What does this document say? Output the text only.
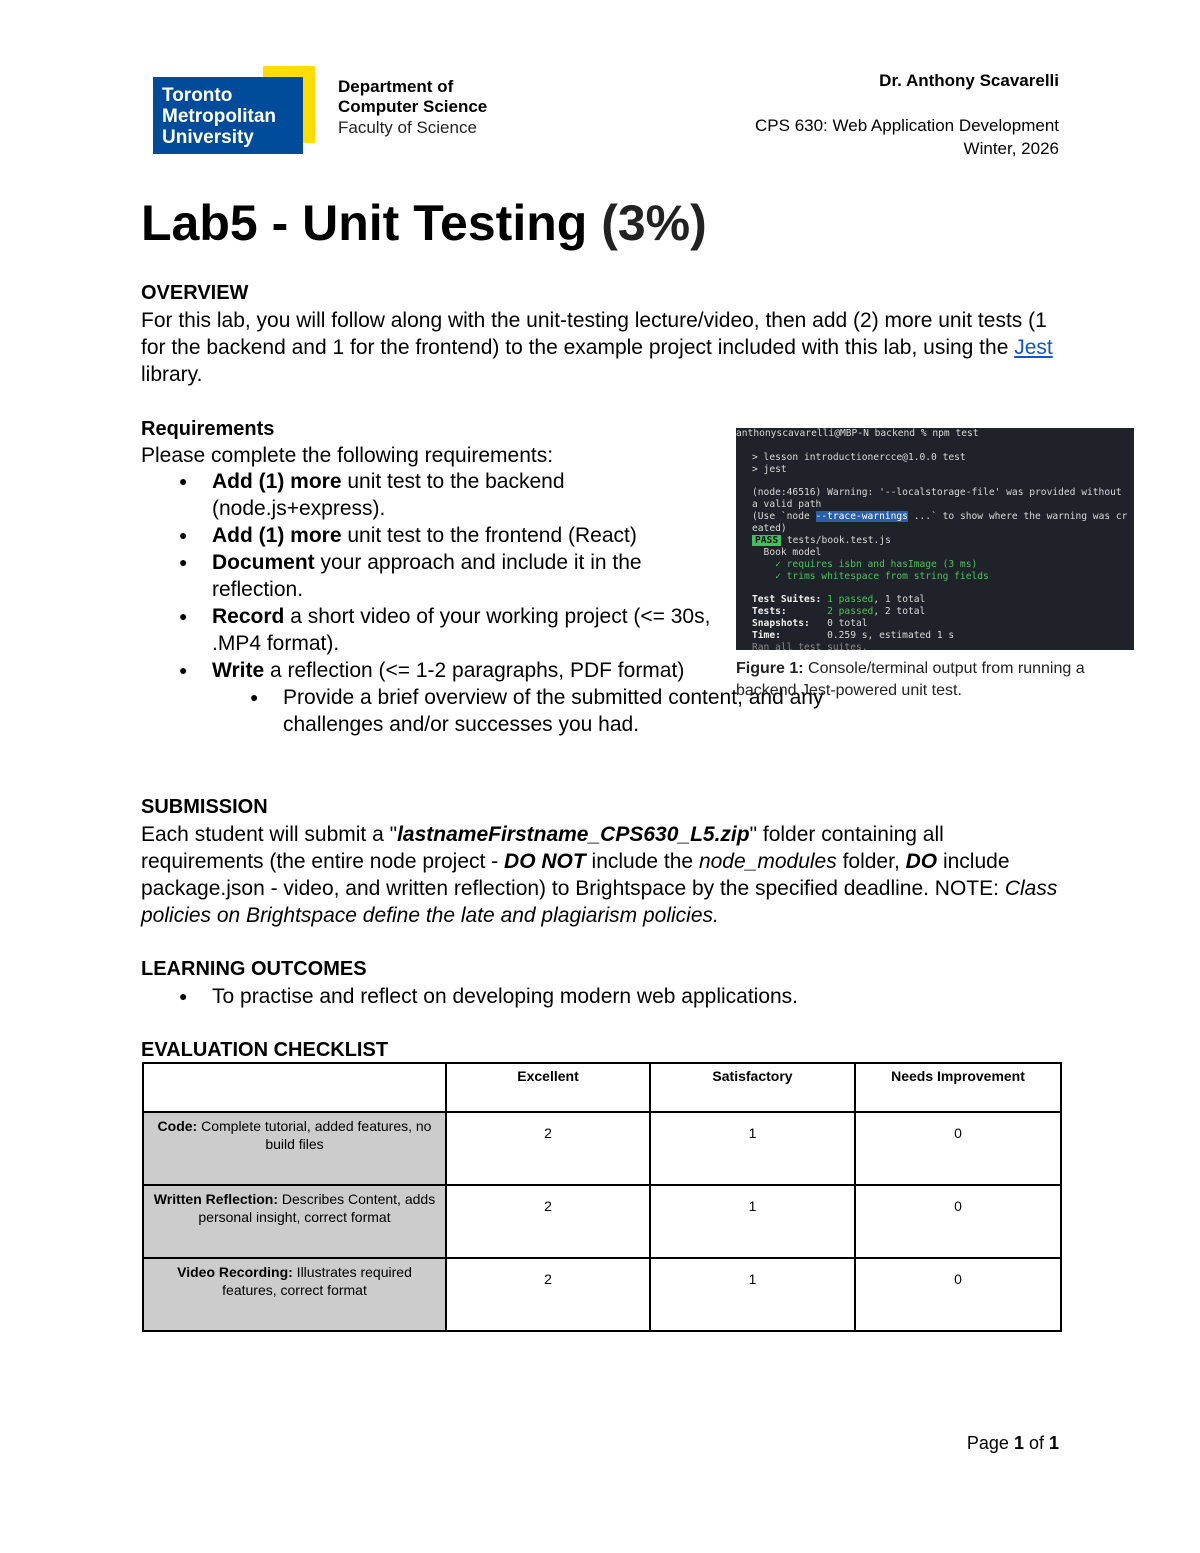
Toronto
Metropolitan
University
Department of
Computer Science
Faculty of Science
Dr. Anthony Scavarelli
CPS 630: Web Application Development
Winter, 2026
Lab5 - Unit Testing (3%)
OVERVIEW
For this lab, you will follow along with the unit-testing lecture/video, then add (2) more unit tests (1 for the backend and 1 for the frontend) to the example project included with this lab, using the Jest library.
Requirements
Please complete the following requirements:
● Add (1) more unit test to the backend (node.js+express).
● Add (1) more unit test to the frontend (React)
● Document your approach and include it in the reflection.
● Record a short video of your working project (<= 30s, .MP4 format).
● Write a reflection (<= 1-2 paragraphs, PDF format)
● Provide a brief overview of the submitted content, and any challenges and/or successes you had.
anthonyscavarelli@MBP-N backend % npm test
> lesson introductionercce@1.0.0 test
> jest
(node:46516) Warning: '--localstorage-file' was provided without
a valid path
(Use `node --trace-warnings ...` to show where the warning was cr
eated)
PASS tests/book.test.js
Book model
✓ requires isbn and hasImage (3 ms)
✓ trims whitespace from string fields
Test Suites: 1 passed, 1 total
Tests:       2 passed, 2 total
Snapshots:   0 total
Time:        0.259 s, estimated 1 s
Ran all test suites.
Figure 1: Console/terminal output from running a backend Jest-powered unit test.
SUBMISSION
Each student will submit a "lastnameFirstname_CPS630_L5.zip" folder containing all requirements (the entire node project - DO NOT include the node_modules folder, DO include package.json - video, and written reflection) to Brightspace by the specified deadline. NOTE: Class policies on Brightspace define the late and plagiarism policies.
LEARNING OUTCOMES
● To practise and reflect on developing modern web applications.
EVALUATION CHECKLIST
	Excellent	Satisfactory	Needs Improvement
Code: Complete tutorial, added features, no build files	2	1	0
Written Reflection: Describes Content, adds personal insight, correct format	2	1	0
Video Recording: Illustrates required features, correct format	2	1	0
Page 1 of 1
